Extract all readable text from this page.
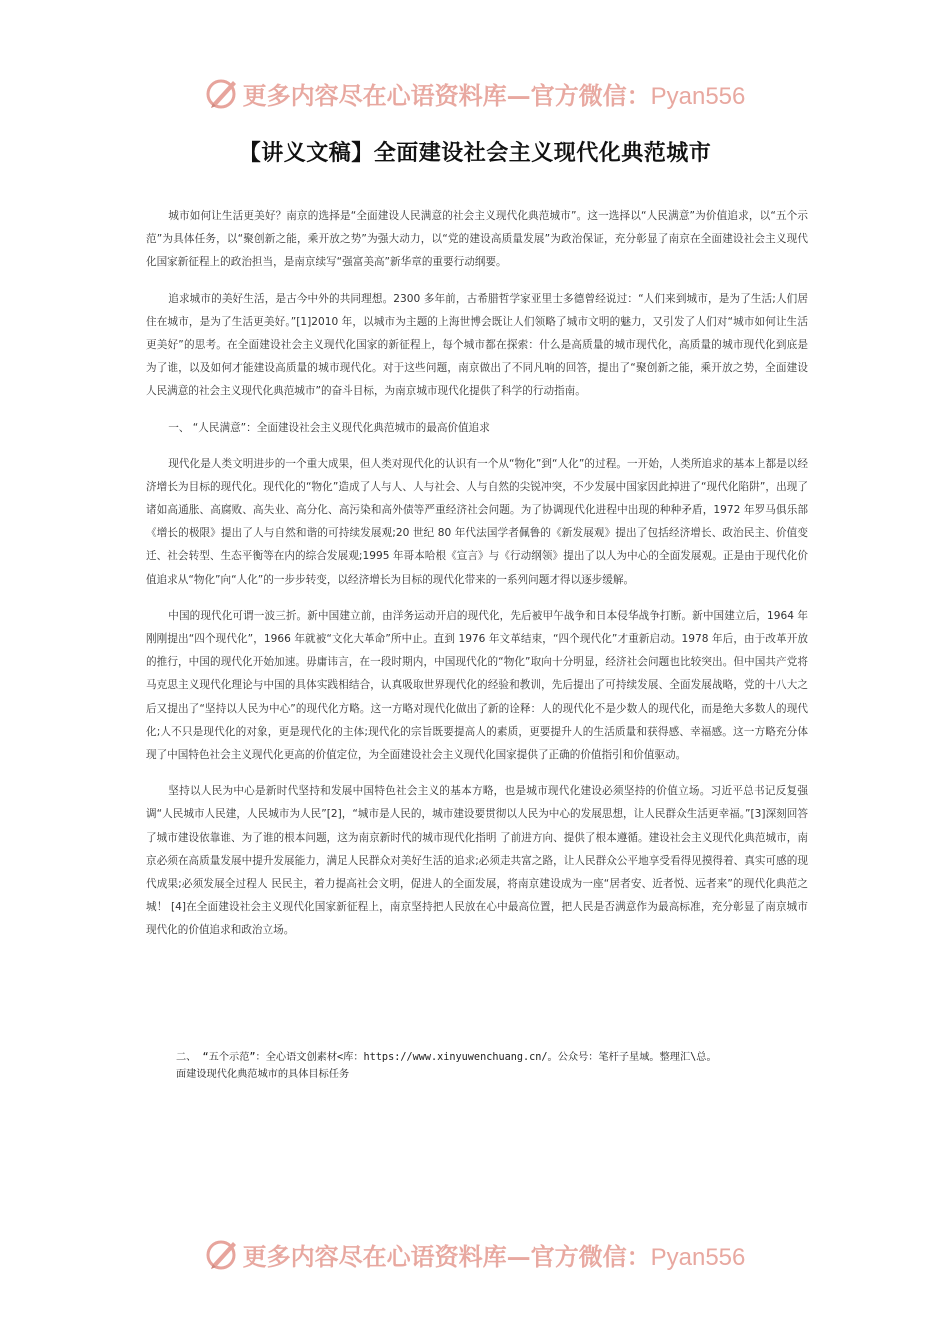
更多内容尽在心语资料库—官方微信：Pyan556
【讲义文稿】全面建设社会主义现代化典范城市

城市如何让生活更美好？南京的选择是“全面建设人民满意的社会主义现代化典范城市”。这一选择以“人民满意”为价值追求，以“五个示范”为具体任务，以“聚创新之能，乘开放之势”为强大动力，以“党的建设高质量发展”为政治保证，充分彰显了南京在全面建设社会主义现代化国家新征程上的政治担当，是南京续写“强富美高”新华章的重要行动纲要。

追求城市的美好生活，是古今中外的共同理想。2300 多年前，古希腊哲学家亚里士多德曾经说过：“人们来到城市，是为了生活;人们居住在城市，是为了生活更美好。”[1]2010 年，以城市为主题的上海世博会既让人们领略了城市文明的魅力，又引发了人们对“城市如何让生活更美好”的思考。在全面建设社会主义现代化国家的新征程上，每个城市都在探索：什么是高质量的城市现代化，高质量的城市现代化到底是为了谁，以及如何才能建设高质量的城市现代化。对于这些问题，南京做出了不同凡响的回答，提出了“聚创新之能，乘开放之势，全面建设人民满意的社会主义现代化典范城市”的奋斗目标，为南京城市现代化提供了科学的行动指南。

一、 “人民满意”：全面建设社会主义现代化典范城市的最高价值追求

现代化是人类文明进步的一个重大成果，但人类对现代化的认识有一个从“物化”到“人化”的过程。一开始，人类所追求的基本上都是以经济增长为目标的现代化。现代化的“物化”造成了人与人、人与社会、人与自然的尖锐冲突，不少发展中国家因此掉进了“现代化陷阱”，出现了诸如高通胀、高腐败、高失业、高分化、高污染和高外债等严重经济社会问题。为了协调现代化进程中出现的种种矛盾，1972 年罗马俱乐部《增长的极限》提出了人与自然和谐的可持续发展观;20 世纪 80 年代法国学者佩鲁的《新发展观》提出了包括经济增长、政治民主、价值变迁、社会转型、生态平衡等在内的综合发展观;1995 年哥本哈根《宣言》与《行动纲领》提出了以人为中心的全面发展观。正是由于现代化价值追求从“物化”向“人化”的一步步转变，以经济增长为目标的现代化带来的一系列问题才得以逐步缓解。

中国的现代化可谓一波三折。新中国建立前，由洋务运动开启的现代化，先后被甲午战争和日本侵华战争打断。新中国建立后，1964 年刚刚提出“四个现代化”，1966 年就被“文化大革命”所中止。直到 1976 年文革结束，“四个现代化”才重新启动。1978 年后，由于改革开放的推行，中国的现代化开始加速。毋庸讳言，在一段时期内，中国现代化的“物化”取向十分明显，经济社会问题也比较突出。但中国共产党将马克思主义现代化理论与中国的具体实践相结合，认真吸取世界现代化的经验和教训，先后提出了可持续发展、全面发展战略，党的十八大之后又提出了“坚持以人民为中心”的现代化方略。这一方略对现代化做出了新的诠释：人的现代化不是少数人的现代化，而是绝大多数人的现代化;人不只是现代化的对象，更是现代化的主体;现代化的宗旨既要提高人的素质，更要提升人的生活质量和获得感、幸福感。这一方略充分体现了中国特色社会主义现代化更高的价值定位，为全面建设社会主义现代化国家提供了正确的价值指引和价值驱动。

坚持以人民为中心是新时代坚持和发展中国特色社会主义的基本方略，也是城市现代化建设必须坚持的价值立场。习近平总书记反复强调“人民城市人民建，人民城市为人民”[2]，“城市是人民的，城市建设要贯彻以人民为中心的发展思想，让人民群众生活更幸福。”[3]深刻回答了城市建设依靠谁、为了谁的根本问题，这为南京新时代的城市现代化指明 了前进方向、提供了根本遵循。建设社会主义现代化典范城市，南京必须在高质量发展中提升发展能力，满足人民群众对美好生活的追求;必须走共富之路，让人民群众公平地享受看得见摸得着、真实可感的现代成果;必须发展全过程人 民民主，着力提高社会文明，促进人的全面发展，将南京建设成为一座“居者安、近者悦、远者来”的现代化典范之城！ [4]在全面建设社会主义现代化国家新征程上，南京坚持把人民放在心中最高位置，把人民是否满意作为最高标准，充分彰显了南京城市现代化的价值追求和政治立场。

二、 “五个示范”：全心语文创素材<库：https://www.xinyuwenchuang.cn/。公众号：笔杆子星域。整理汇\总。
面建设现代化典范城市的具体目标任务
更多内容尽在心语资料库—官方微信：Pyan556
